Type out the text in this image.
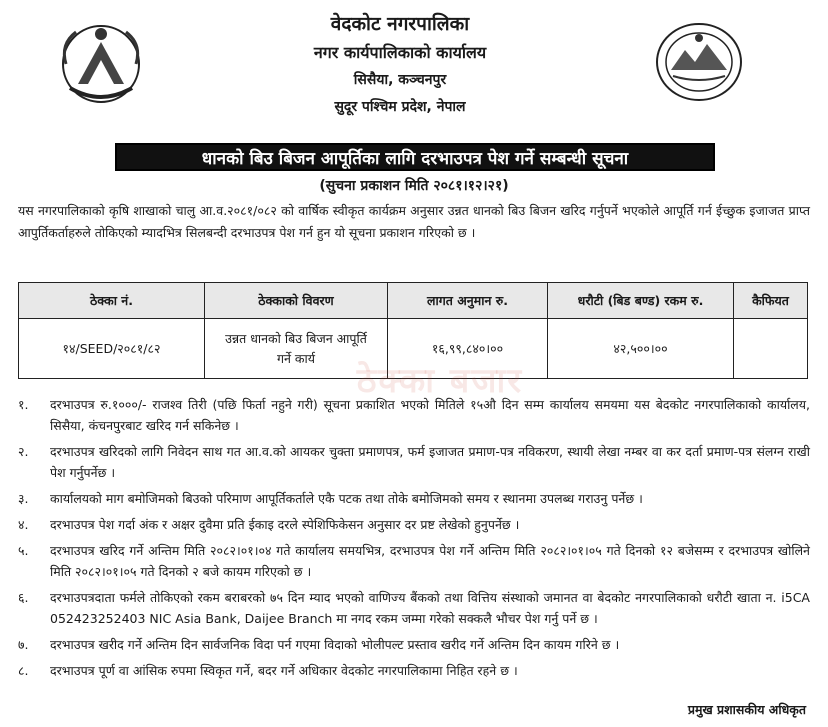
वेदकोट नगरपालिका
नगर कार्यपालिकाको कार्यालय
सिसैया, कञ्चनपुर
सुदूर पश्चिम प्रदेश, नेपाल
धानको बिउ बिजन आपूर्तिका लागि दरभाउपत्र पेश गर्ने सम्बन्धी सूचना
(सुचना प्रकाशन मिति २०८१।१२।२१)

यस नगरपालिकाको कृषि शाखाको चालु आ.व.२०८१/०८२ को वार्षिक स्वीकृत कार्यक्रम अनुसार उन्नत धानको बिउ बिजन खरिद गर्नुपर्ने भएकोले आपूर्ति गर्न ईच्छुक इजाजत प्राप्त आपुर्तिकर्ताहरुले तोकिएको म्यादभित्र सिलबन्दी दरभाउपत्र पेश गर्न हुन यो सूचना प्रकाशन गरिएको छ ।

ठेक्का नं.	ठेक्काको विवरण	लागत अनुमान रु.	धरौटी (बिड बण्ड) रकम रु.	कैफियत
१४/SEED/२०८१/८२	उन्नत धानको बिउ बिजन आपूर्ति गर्ने कार्य	१६,९९,८४०।००	४२,५००।००	
ठेक्का बजार
१.	दरभाउपत्र रु.१०००/- राजश्व तिरी (पछि फिर्ता नहुने गरी) सूचना प्रकाशित भएको मितिले १५औ दिन सम्म कार्यालय समयमा यस बेदकोट नगरपालिकाको कार्यालय, सिसैया, कंचनपुरबाट खरिद गर्न सकिनेछ ।
२.	दरभाउपत्र खरिदको लागि निवेदन साथ गत आ.व.को आयकर चुक्ता प्रमाणपत्र, फर्म इजाजत प्रमाण-पत्र नविकरण, स्थायी लेखा नम्बर वा कर दर्ता प्रमाण-पत्र संलग्न राखी पेश गर्नुपर्नेछ ।
३.	कार्यालयको माग बमोजिमको बिउको परिमाण आपूर्तिकर्ताले एकै पटक तथा तोके बमोजिमको समय र स्थानमा उपलब्ध गराउनु पर्नेछ ।
४.	दरभाउपत्र पेश गर्दा अंक र अक्षर दुवैमा प्रति ईकाइ दरले स्पेशिफिकेसन अनुसार दर प्रष्ट लेखेको हुनुपर्नेछ ।
५.	दरभाउपत्र खरिद गर्ने अन्तिम मिति २०८२।०१।०४ गते कार्यालय समयभित्र, दरभाउपत्र पेश गर्ने अन्तिम मिति २०८२।०१।०५ गते दिनको १२ बजेसम्म र दरभाउपत्र खोलिने मिति २०८२।०१।०५ गते दिनको २ बजे कायम गरिएको छ ।
६.	दरभाउपत्रदाता फर्मले तोकिएको रकम बराबरको ७५ दिन म्याद भएको वाणिज्य बैंकको तथा वित्तिय संस्थाको जमानत वा बेदकोट नगरपालिकाको धरौटी खाता न. i5CA 052423252403 NIC Asia Bank, Daijee Branch मा नगद रकम जम्मा गरेको सक्कलै भौचर पेश गर्नु पर्ने छ ।
७.	दरभाउपत्र खरीद गर्ने अन्तिम दिन सार्वजनिक विदा पर्न गएमा विदाको भोलीपल्ट प्रस्ताव खरीद गर्ने अन्तिम दिन कायम गरिने छ ।
८.	दरभाउपत्र पूर्ण वा आंसिक रुपमा स्विकृत गर्ने, बदर गर्ने अधिकार वेदकोट नगरपालिकामा निहित रहने छ ।
प्रमुख प्रशासकीय अधिकृत
